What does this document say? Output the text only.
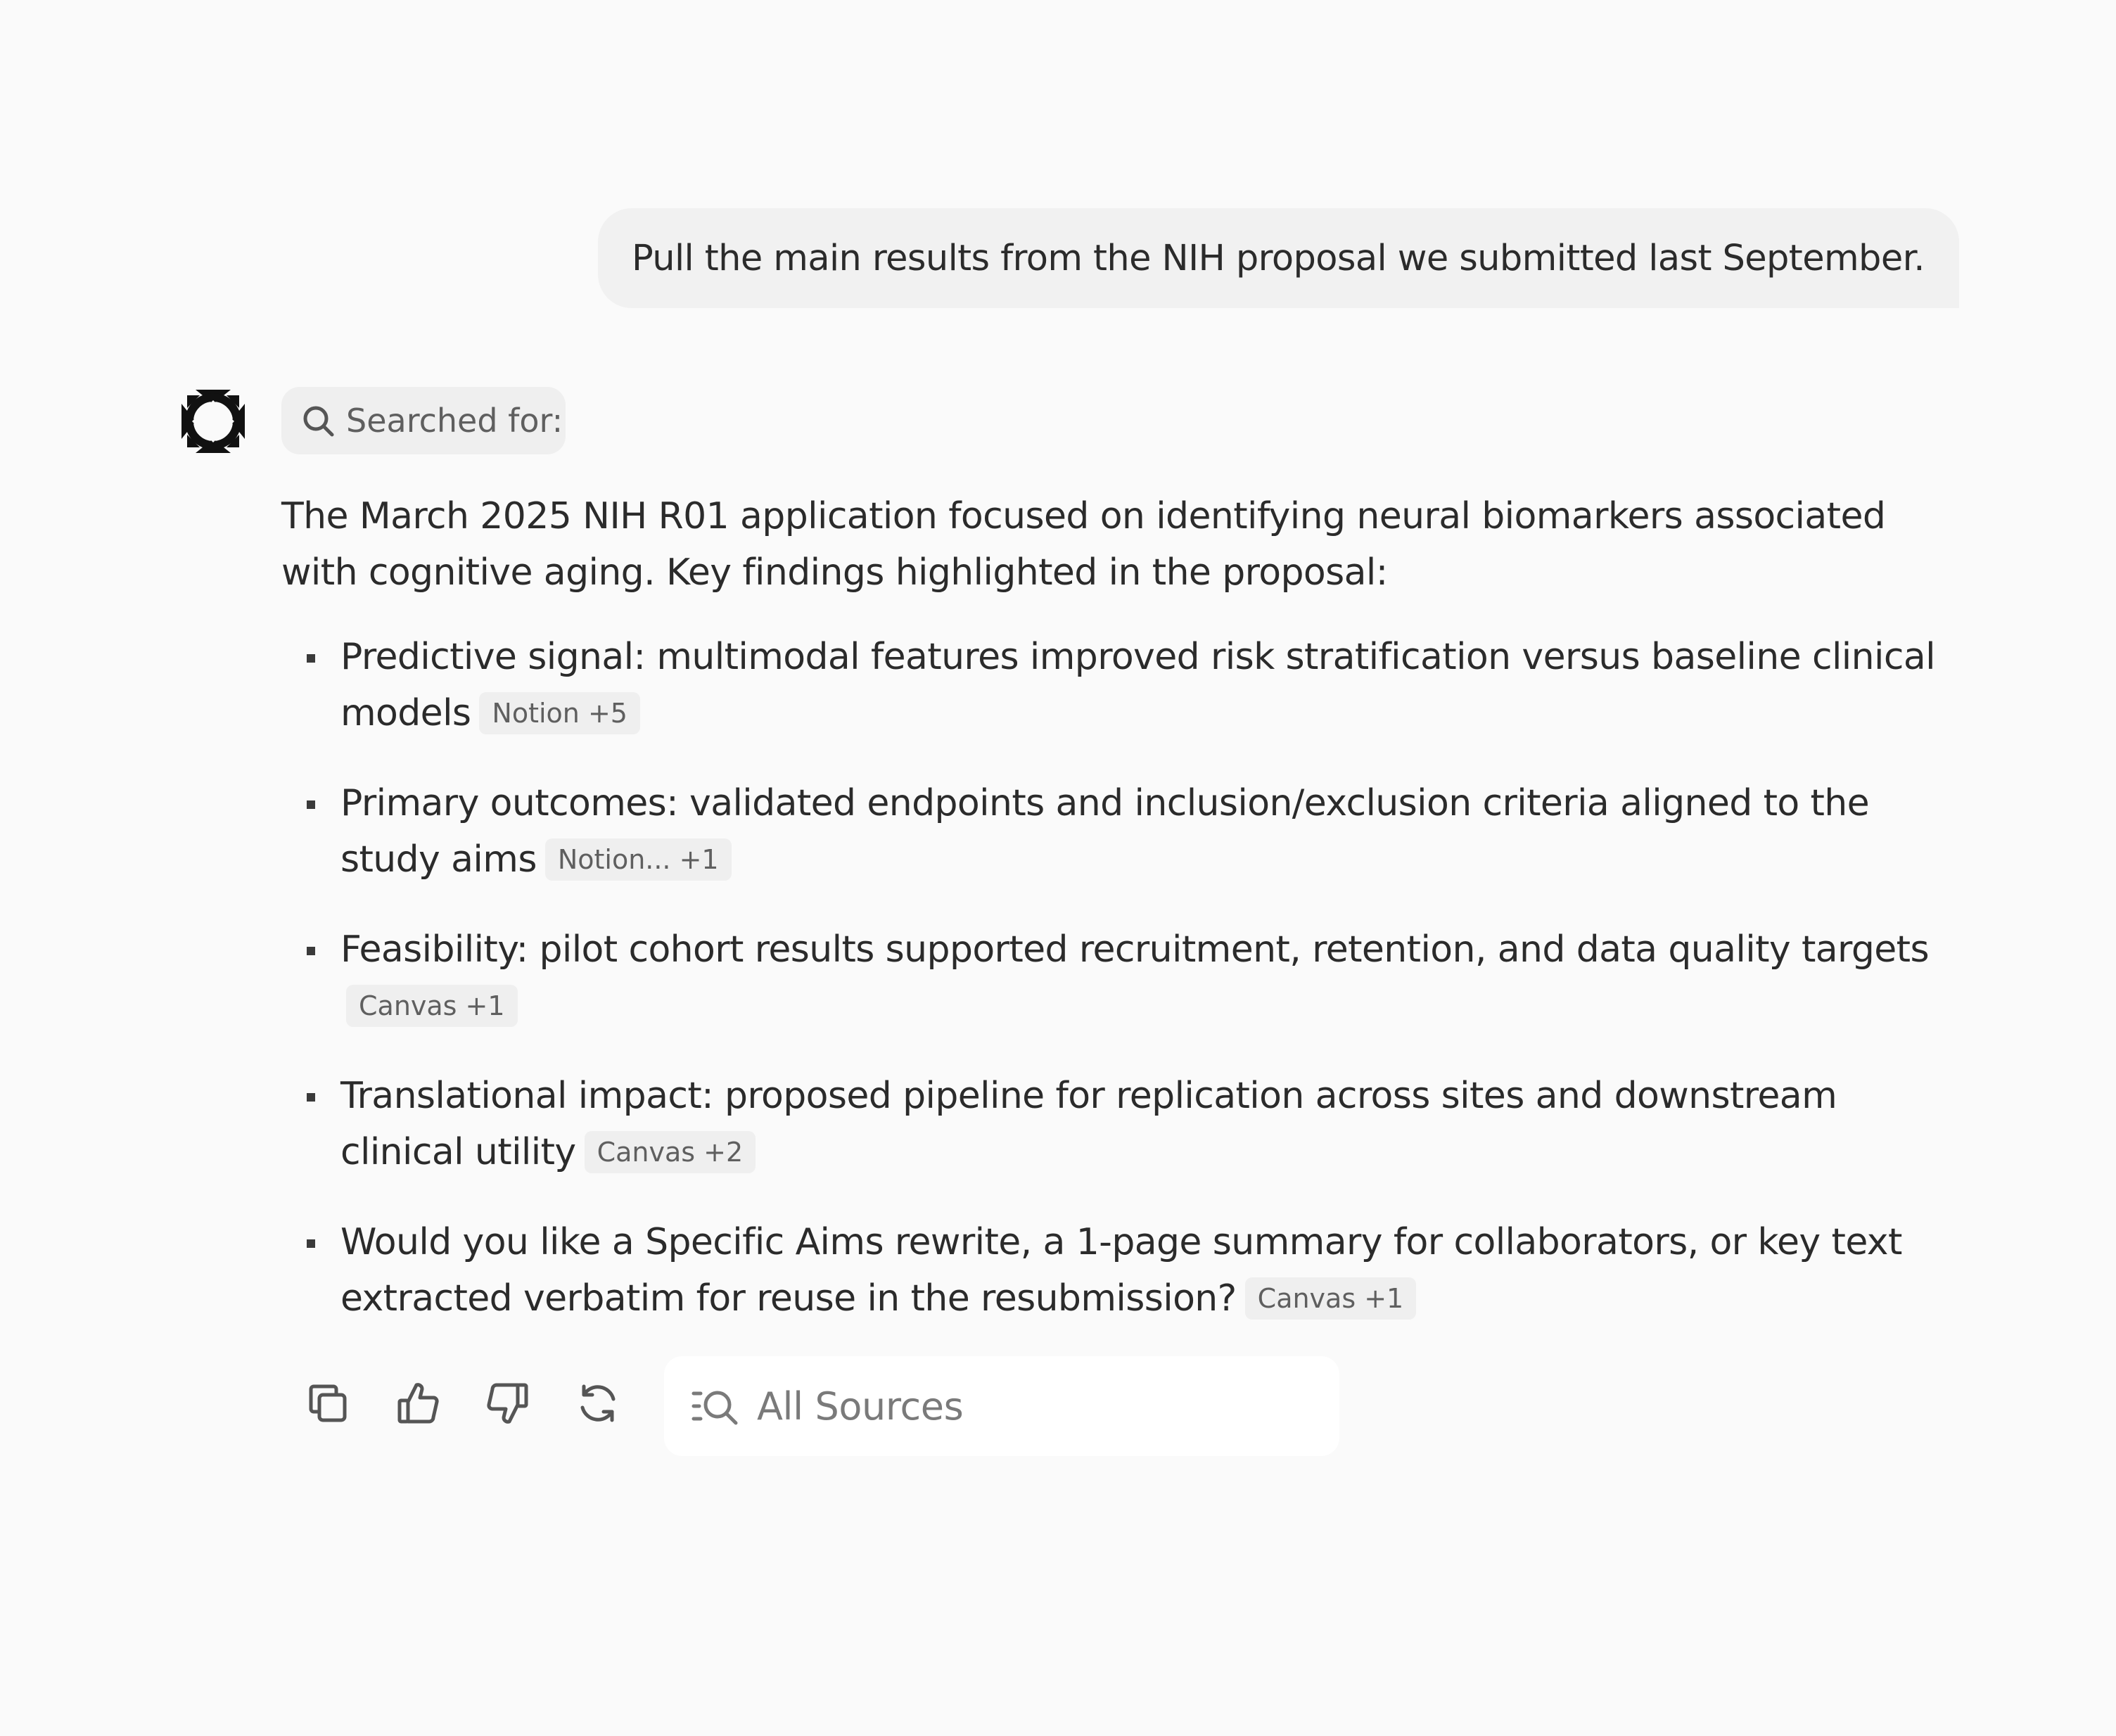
Pull the main results from the NIH proposal we submitted last September.
Searched for:

The March 2025 NIH R01 application focused on identifying neural biomarkers associated with cognitive aging. Key findings highlighted in the proposal:

Predictive signal: multimodal features improved risk stratification versus baseline clinical models Notion +5
Primary outcomes: validated endpoints and inclusion/exclusion criteria aligned to the study aims Notion... +1
Feasibility: pilot cohort results supported recruitment, retention, and data quality targetsCanvas +1
Translational impact: proposed pipeline for replication across sites and downstream clinical utility Canvas +2
Would you like a Specific Aims rewrite, a 1-page summary for collaborators, or key text extracted verbatim for reuse in the resubmission? Canvas +1
All Sources
